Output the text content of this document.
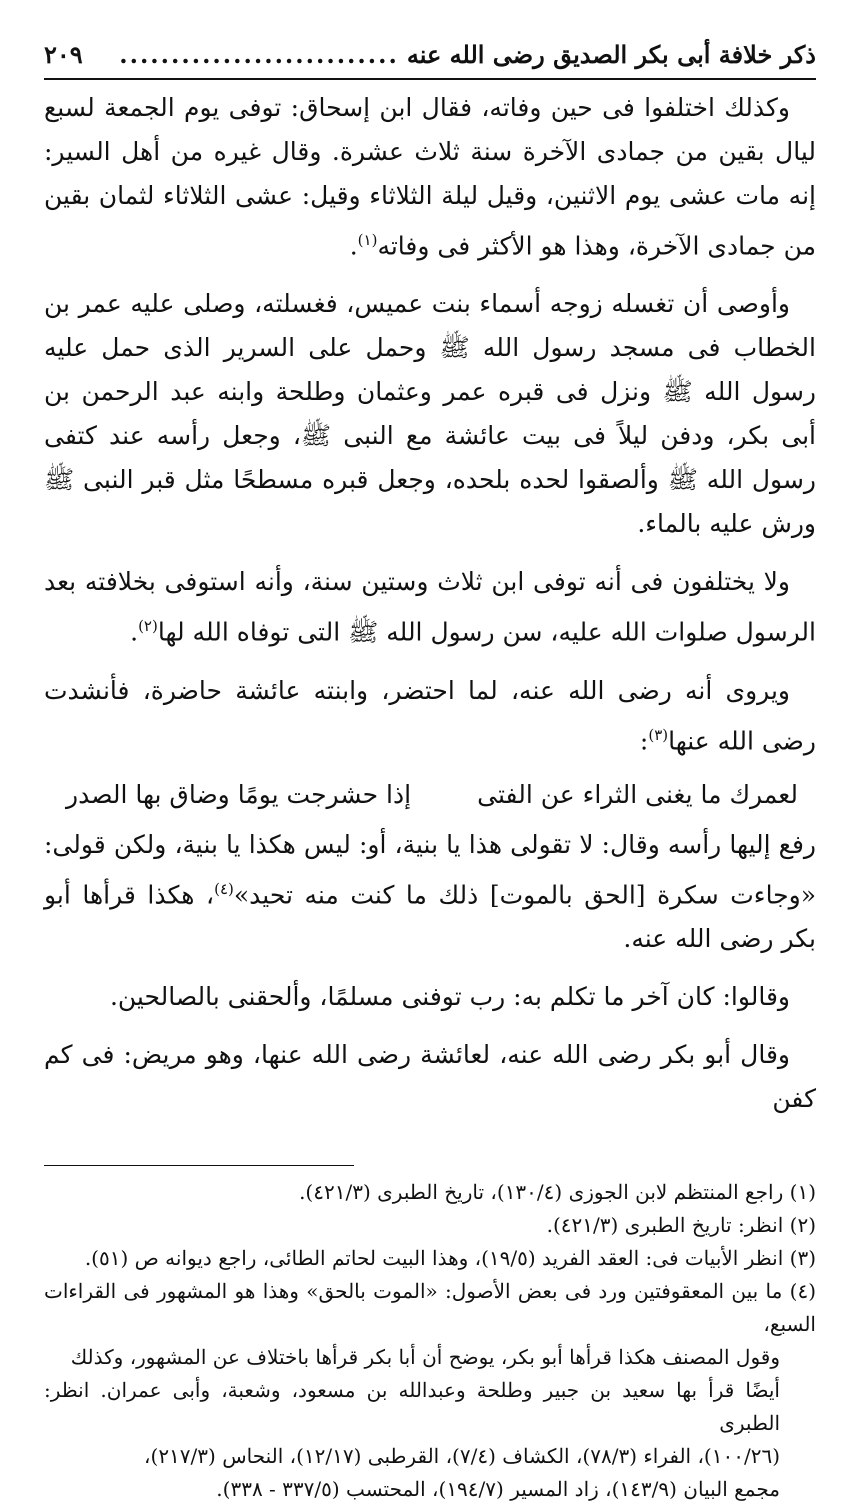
ذكر خلافة أبى بكر الصديق رضى الله عنه
...........................
٢٠٩

وكذلك اختلفوا فى حين وفاته، فقال ابن إسحاق: توفى يوم الجمعة لسبع ليال بقين من جمادى الآخرة سنة ثلاث عشرة. وقال غيره من أهل السير: إنه مات عشى يوم الاثنين، وقيل ليلة الثلاثاء وقيل: عشى الثلاثاء لثمان بقين من جمادى الآخرة، وهذا هو الأكثر فى وفاته$^{(١)}$.

وأوصى أن تغسله زوجه أسماء بنت عميس، فغسلته، وصلى عليه عمر بن الخطاب فى مسجد رسول الله ﷺ وحمل على السرير الذى حمل عليه رسول الله ﷺ ونزل فى قبره عمر وعثمان وطلحة وابنه عبد الرحمن بن أبى بكر، ودفن ليلاً فى بيت عائشة مع النبى ﷺ، وجعل رأسه عند كتفى رسول الله ﷺ وألصقوا لحده بلحده، وجعل قبره مسطحًا مثل قبر النبى ﷺ ورش عليه بالماء.

ولا يختلفون فى أنه توفى ابن ثلاث وستين سنة، وأنه استوفى بخلافته بعد الرسول صلوات الله عليه، سن رسول الله ﷺ التى توفاه الله لها$^{(٢)}$.

ويروى أنه رضى الله عنه، لما احتضر، وابنته عائشة حاضرة، فأنشدت رضى الله عنها$^{(٣)}$:

لعمرك ما يغنى الثراء عن الفتى
إذا حشرجت يومًا وضاق بها الصدر

رفع إليها رأسه وقال: لا تقولى هذا يا بنية، أو: ليس هكذا يا بنية، ولكن قولى: «وجاءت سكرة [الحق بالموت] ذلك ما كنت منه تحيد»$^{(٤)}$، هكذا قرأها أبو بكر رضى الله عنه.

وقالوا: كان آخر ما تكلم به: رب توفنى مسلمًا، وألحقنى بالصالحين.

وقال أبو بكر رضى الله عنه، لعائشة رضى الله عنها، وهو مريض: فى كم كفن

(١) راجع المنتظم لابن الجوزى (١٣٠/٤)، تاريخ الطبرى (٤٢١/٣).

(٢) انظر: تاريخ الطبرى (٤٢١/٣).

(٣) انظر الأبيات فى: العقد الفريد (١٩/٥)، وهذا البيت لحاتم الطائى، راجع ديوانه ص (٥١).

(٤) ما بين المعقوفتين ورد فى بعض الأصول: «الموت بالحق» وهذا هو المشهور فى القراءات السبع،

وقول المصنف هكذا قرأها أبو بكر، يوضح أن أبا بكر قرأها باختلاف عن المشهور، وكذلك

أيضًا قرأ بها سعيد بن جبير وطلحة وعبدالله بن مسعود، وشعبة، وأبى عمران. انظر: الطبرى

(١٠٠/٢٦)، الفراء (٧٨/٣)، الكشاف (٧/٤)، القرطبى (١٢/١٧)، النحاس (٢١٧/٣)،

مجمع البيان (١٤٣/٩)، زاد المسير (١٩٤/٧)، المحتسب (٣٣٧/٥ - ٣٣٨).
